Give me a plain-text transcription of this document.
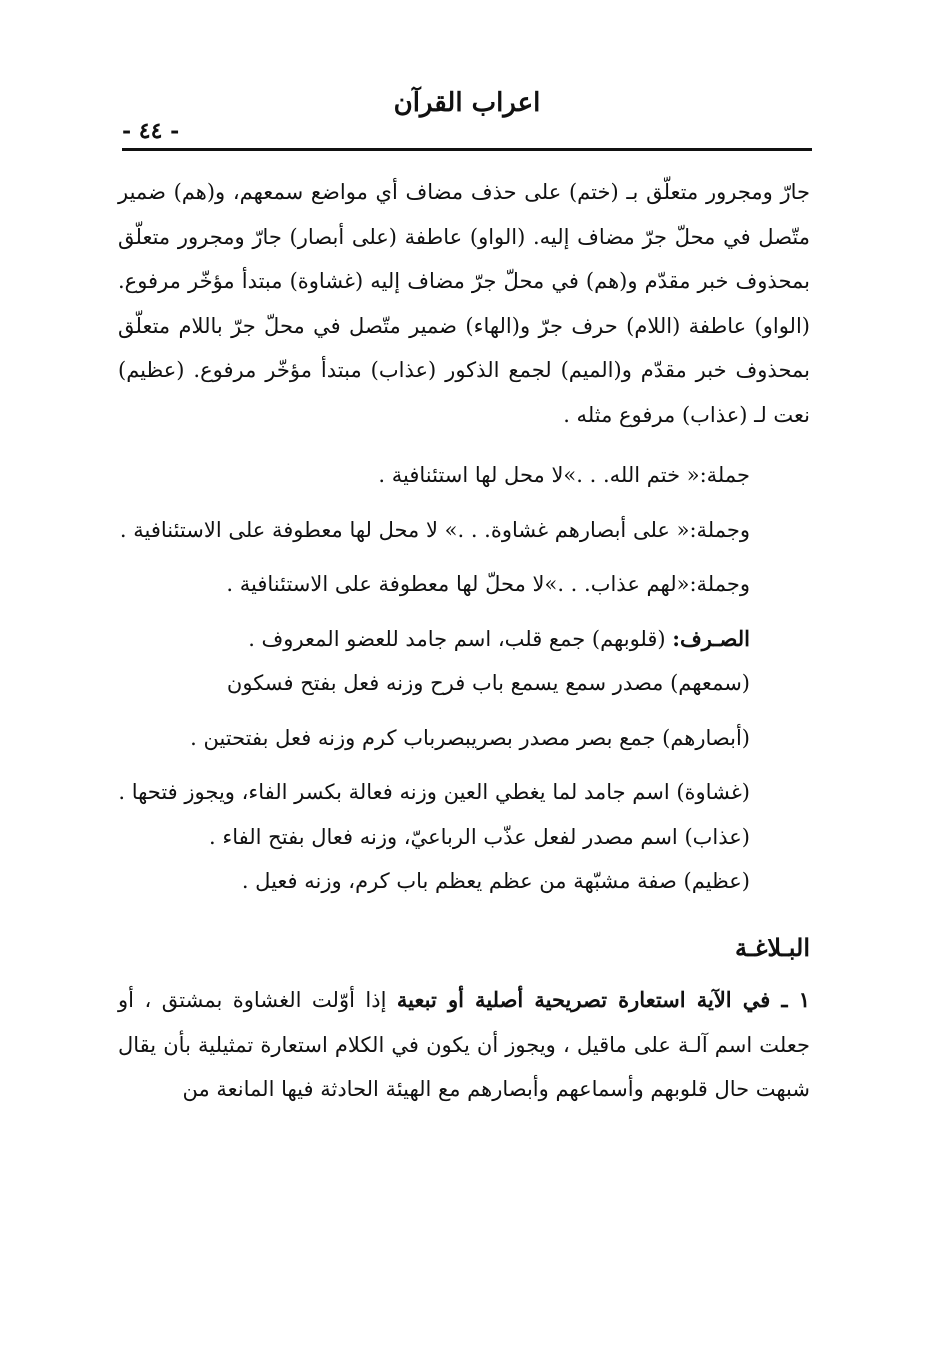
اعراب القرآن
- ٤٤ -

جارّ ومجرور متعلّق بـ (ختم) على حذف مضاف أي مواضع سمعهم، و(هم) ضمير متّصل في محلّ جرّ مضاف إليه. (الواو) عاطفة (على أبصار) جارّ ومجرور متعلّق بمحذوف خبر مقدّم و(هم) في محلّ جرّ مضاف إليه (غشاوة) مبتدأ مؤخّر مرفوع. (الواو) عاطفة (اللام) حرف جرّ و(الهاء) ضمير متّصل في محلّ جرّ باللام متعلّق بمحذوف خبر مقدّم و(الميم) لجمع الذكور (عذاب) مبتدأ مؤخّر مرفوع. (عظيم) نعت لـ (عذاب) مرفوع مثله .

جملة:« ختم الله. . .»لا محل لها استئنافية .

وجملة:« على أبصارهم غشاوة. . .» لا محل لها معطوفة على الاستئنافية .

وجملة:«لهم عذاب. . .»لا محلّ لها معطوفة على الاستئنافية .

الصـرف: (قلوبهم) جمع قلب، اسم جامد للعضو المعروف .

(سمعهم) مصدر سمع يسمع باب فرح وزنه فعل بفتح فسكون

(أبصارهم) جمع بصر مصدر بصريبصرباب كرم وزنه فعل بفتحتين .

(غشاوة) اسم جامد لما يغطي العين وزنه فعالة بكسر الفاء، ويجوز فتحها .

(عذاب) اسم مصدر لفعل عذّب الرباعيّ، وزنه فعال بفتح الفاء .

(عظيم) صفة مشبّهة من عظم يعظم باب كرم، وزنه فعيل .

البـلاغـة

١ ـ في الآية استعارة تصريحية أصلية أو تبعية إذا أوّلت الغشاوة بمشتق ، أو جعلت اسم آلـة على ماقيل ، ويجوز أن يكون في الكلام استعارة تمثيلية بأن يقال شبهت حال قلوبهم وأسماعهم وأبصارهم مع الهيئة الحادثة فيها المانعة من
